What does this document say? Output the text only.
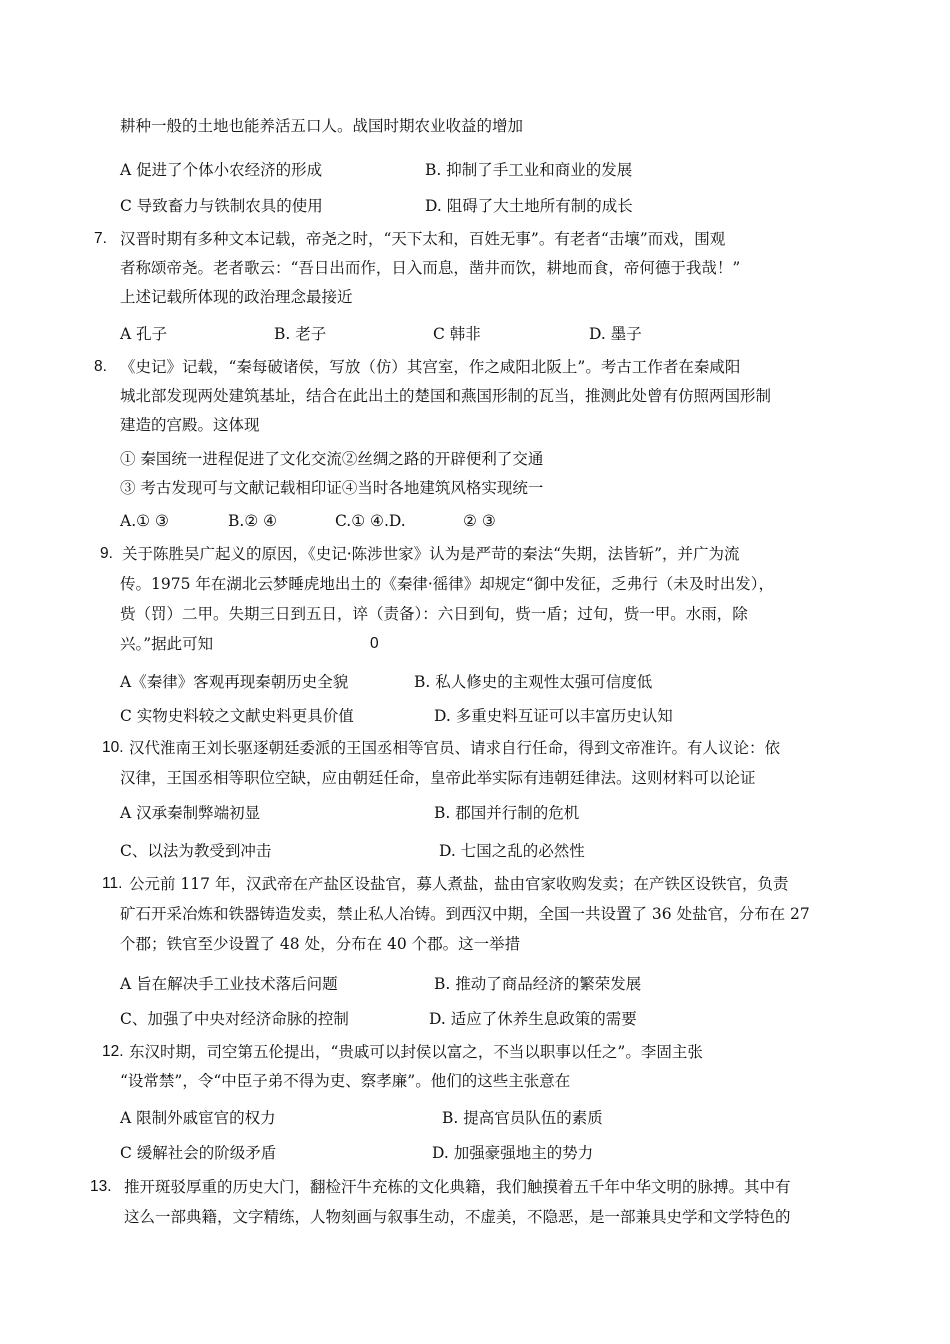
耕种一般的土地也能养活五口人。战国时期农业收益的增加
A 促进了个体小农经济的形成	B. 抑制了手工业和商业的发展
C 导致畜力与铁制农具的使用	D. 阻碍了大土地所有制的成长
7. 汉晋时期有多种文本记载，帝尧之时，“天下太和，百姓无事”。有老者“击壤”而戏，围观
者称颂帝尧。老者歌云：“吾日出而作，日入而息，凿井而饮，耕地而食，帝何德于我哉！”
上述记载所体现的政治理念最接近
A 孔子	B. 老子	C 韩非	D. 墨子
8. 《史记》记载，“秦每破诸侯，写放（仿）其宫室，作之咸阳北阪上”。考古工作者在秦咸阳
城北部发现两处建筑基址，结合在此出土的楚国和燕国形制的瓦当，推测此处曾有仿照两国形制
建造的宫殿。这体现
① 秦国统一进程促进了文化交流②丝绸之路的开辟便利了交通
③ 考古发现可与文献记载相印证④当时各地建筑风格实现统一
A.① ③	B.② ④	C.① ④.D.	② ③
9. 关于陈胜吴广起义的原因，《史记·陈涉世家》认为是严苛的秦法“失期，法皆斩”，并广为流
传。1975 年在湖北云梦睡虎地出土的《秦律·徭律》却规定“御中发征，乏弗行（未及时出发），
赀（罚）二甲。失期三日到五日，谇（责备）：六日到旬，赀一盾；过旬，赀一甲。水雨，除
兴。”据此可知	0
A《秦律》客观再现秦朝历史全貌	B. 私人修史的主观性太强可信度低
C 实物史料较之文献史料更具价值	D. 多重史料互证可以丰富历史认知
10. 汉代淮南王刘长驱逐朝廷委派的王国丞相等官员、请求自行任命，得到文帝准许。有人议论：依
汉律，王国丞相等职位空缺，应由朝廷任命，皇帝此举实际有违朝廷律法。这则材料可以论证
A 汉承秦制弊端初显	B. 郡国并行制的危机
C、以法为教受到冲击	D. 七国之乱的必然性
11. 公元前 117 年，汉武帝在产盐区设盐官，募人煮盐，盐由官家收购发卖；在产铁区设铁官，负责
矿石开采冶炼和铁器铸造发卖，禁止私人冶铸。到西汉中期，全国一共设置了 36 处盐官，分布在 27
个郡；铁官至少设置了 48 处，分布在 40 个郡。这一举措
A 旨在解决手工业技术落后问题	B. 推动了商品经济的繁荣发展
C、加强了中央对经济命脉的控制	D. 适应了休养生息政策的需要
12. 东汉时期，司空第五伦提出，“贵戚可以封侯以富之，不当以职事以任之”。李固主张
“设常禁”，令“中臣子弟不得为吏、察孝廉”。他们的这些主张意在
A 限制外戚宦官的权力	B. 提高官员队伍的素质
C 缓解社会的阶级矛盾	D. 加强豪强地主的势力
13. 推开斑驳厚重的历史大门，翻检汗牛充栋的文化典籍，我们触摸着五千年中华文明的脉搏。其中有
这么一部典籍，文字精练，人物刻画与叙事生动，不虚美，不隐恶，是一部兼具史学和文学特色的
